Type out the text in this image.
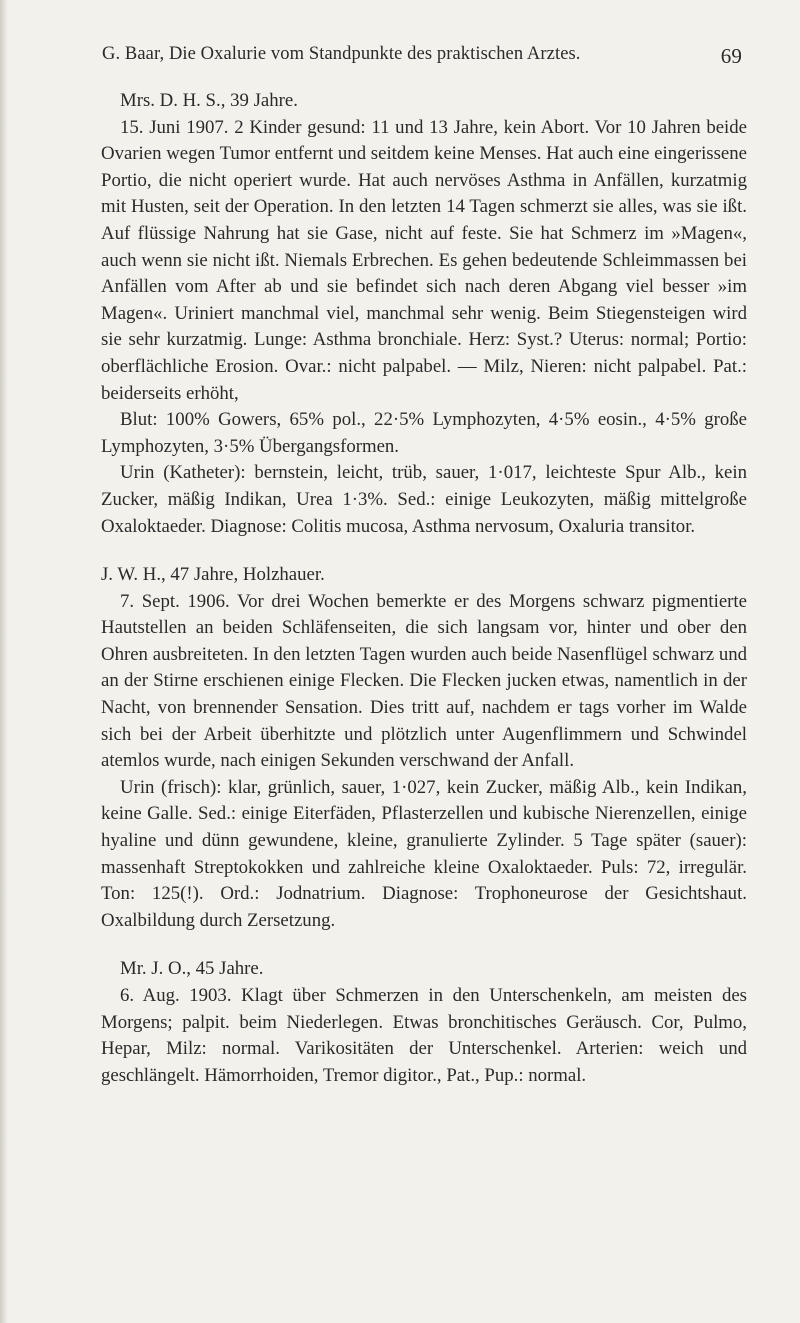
G. Baar, Die Oxalurie vom Standpunkte des praktischen Arztes.	69

Mrs. D. H. S., 39 Jahre.

15. Juni 1907. 2 Kinder gesund: 11 und 13 Jahre, kein Abort. Vor 10 Jahren beide Ovarien wegen Tumor entfernt und seitdem keine Menses. Hat auch eine eingerissene Portio, die nicht operiert wurde. Hat auch nervöses Asthma in Anfällen, kurzatmig mit Husten, seit der Operation. In den letzten 14 Tagen schmerzt sie alles, was sie ißt. Auf flüssige Nahrung hat sie Gase, nicht auf feste. Sie hat Schmerz im »Magen«, auch wenn sie nicht ißt. Niemals Erbrechen. Es gehen bedeutende Schleimmassen bei Anfällen vom After ab und sie befindet sich nach deren Abgang viel besser »im Magen«. Uriniert manchmal viel, manchmal sehr wenig. Beim Stiegensteigen wird sie sehr kurzatmig. Lunge: Asthma bronchiale. Herz: Syst.? Uterus: normal; Portio: oberflächliche Erosion. Ovar.: nicht palpabel. — Milz, Nieren: nicht palpabel. Pat.: beiderseits erhöht,

Blut: 100% Gowers, 65% pol., 22·5% Lymphozyten, 4·5% eosin., 4·5% große Lymphozyten, 3·5% Übergangsformen.

Urin (Katheter): bernstein, leicht, trüb, sauer, 1·017, leichteste Spur Alb., kein Zucker, mäßig Indikan, Urea 1·3%. Sed.: einige Leukozyten, mäßig mittelgroße Oxaloktaeder. Diagnose: Colitis mucosa, Asthma nervosum, Oxaluria transitor.

J. W. H., 47 Jahre, Holzhauer.

7. Sept. 1906. Vor drei Wochen bemerkte er des Morgens schwarz pigmentierte Hautstellen an beiden Schläfenseiten, die sich langsam vor, hinter und ober den Ohren ausbreiteten. In den letzten Tagen wurden auch beide Nasenflügel schwarz und an der Stirne erschienen einige Flecken. Die Flecken jucken etwas, namentlich in der Nacht, von brennender Sensation. Dies tritt auf, nachdem er tags vorher im Walde sich bei der Arbeit überhitzte und plötzlich unter Augenflimmern und Schwindel atemlos wurde, nach einigen Sekunden verschwand der Anfall.

Urin (frisch): klar, grünlich, sauer, 1·027, kein Zucker, mäßig Alb., kein Indikan, keine Galle. Sed.: einige Eiterfäden, Pflasterzellen und kubische Nierenzellen, einige hyaline und dünn gewundene, kleine, granulierte Zylinder. 5 Tage später (sauer): massenhaft Streptokokken und zahlreiche kleine Oxaloktaeder. Puls: 72, irregulär. Ton: 125(!). Ord.: Jodnatrium. Diagnose: Trophoneurose der Gesichtshaut. Oxalbildung durch Zersetzung.

Mr. J. O., 45 Jahre.

6. Aug. 1903. Klagt über Schmerzen in den Unterschenkeln, am meisten des Morgens; palpit. beim Niederlegen. Etwas bronchitisches Geräusch. Cor, Pulmo, Hepar, Milz: normal. Varikositäten der Unterschenkel. Arterien: weich und geschlängelt. Hämorrhoiden, Tremor digitor., Pat., Pup.: normal.
